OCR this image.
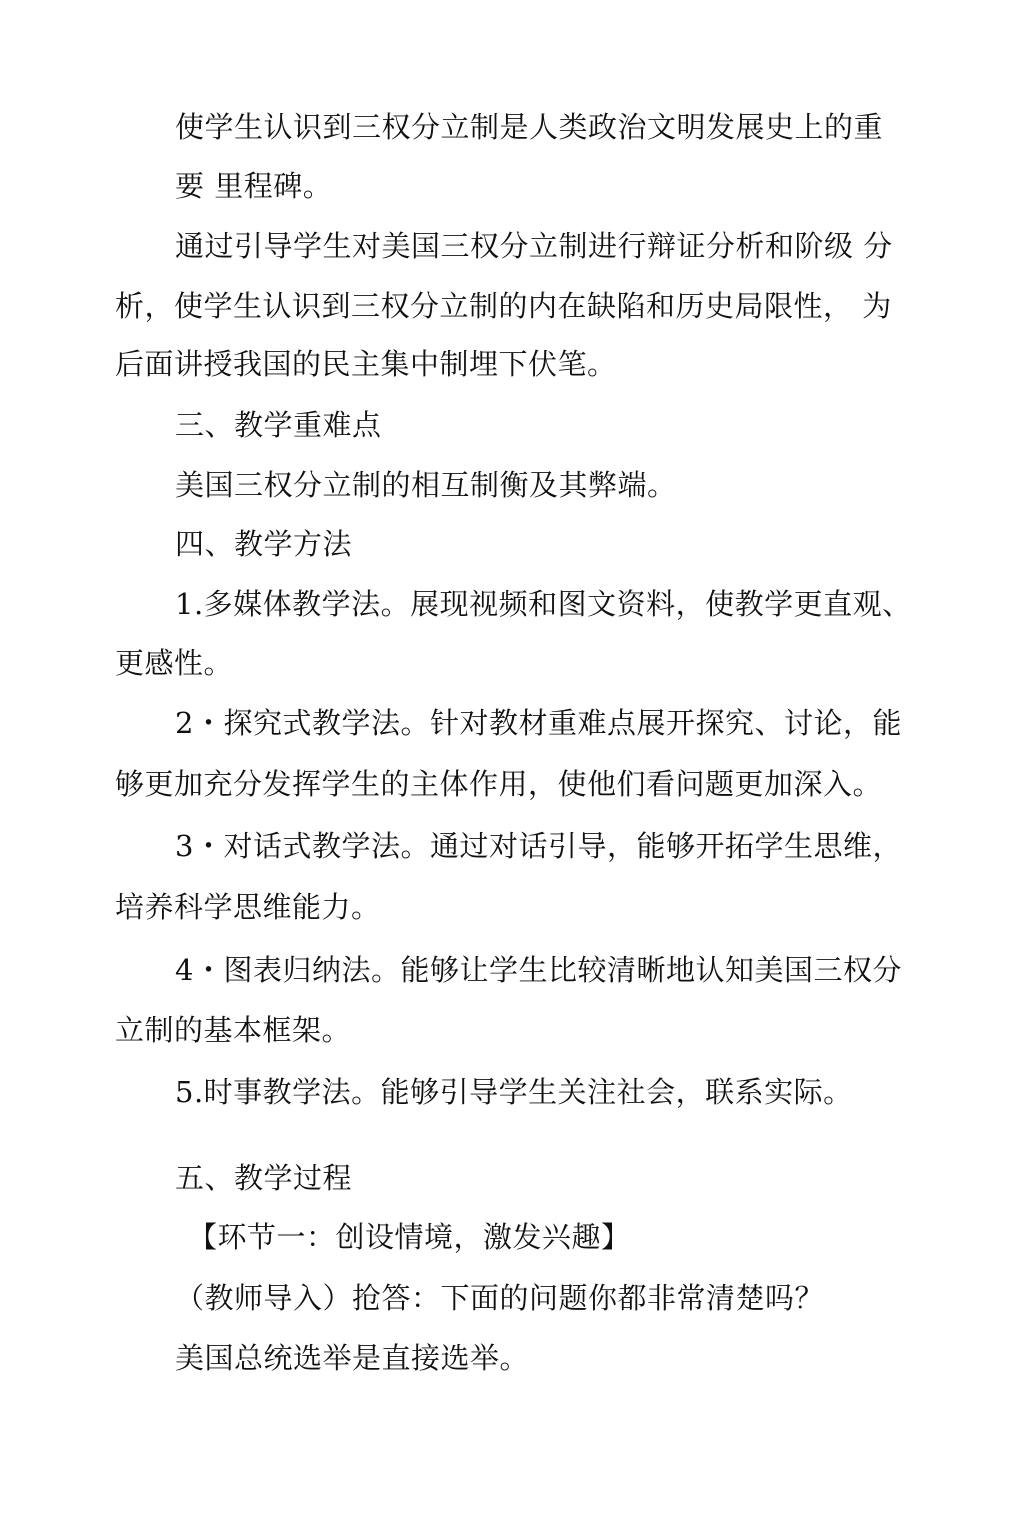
使学生认识到三权分立制是人类政治文明发展史上的重
要 里程碑。
通过引导学生对美国三权分立制进行辩证分析和阶级 分
析，使学生认识到三权分立制的内在缺陷和历史局限性， 为
后面讲授我国的民主集中制埋下伏笔。
三、教学重难点
美国三权分立制的相互制衡及其弊端。
四、教学方法
1.多媒体教学法。展现视频和图文资料，使教学更直观、
更感性。
2・探究式教学法。针对教材重难点展开探究、讨论，能
够更加充分发挥学生的主体作用，使他们看问题更加深入。
3・对话式教学法。通过对话引导，能够开拓学生思维，
培养科学思维能力。
4・图表归纳法。能够让学生比较清晰地认知美国三权分
立制的基本框架。
5.时事教学法。能够引导学生关注社会，联系实际。
五、教学过程
【环节一：创设情境，激发兴趣】
（教师导入）抢答：下面的问题你都非常清楚吗？
美国总统选举是直接选举。
